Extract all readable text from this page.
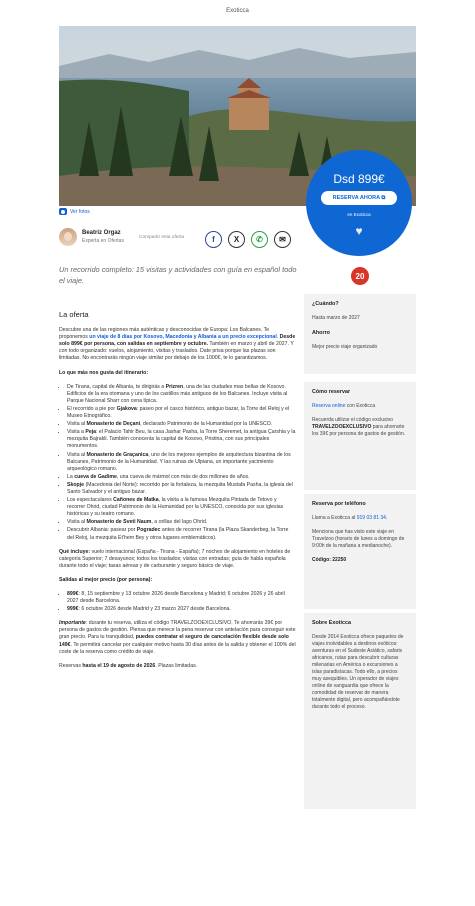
Exoticca
Ver fotos
Dsd 899€
RESERVA AHORA ⧉
en Exoticca
♥
Beatriz Orgaz
Experta en Ofertas
Compartir esta oferta	f	X	✆	✉
Un recorrido completo: 15 visitas y actividades con guía en español todo el viaje.	20
La oferta

Descubre una de las regiones más auténticas y desconocidas de Europa: Los Balcanes. Te proponemos un viaje de 8 días por Kosovo, Macedonia y Albania a un precio excepcional. Desde solo 899€ por persona, con salidas en septiembre y octubre. También en marzo y abril de 2027. Y con todo organizado: vuelos, alojamiento, visitas y traslados. Date prisa porque las plazas son limitadas. No encontrarás ningún viaje similar por debajo de los 1000€, te lo garantizamos.

Lo que más nos gusta del itinerario:
• De Tirana, capital de Albania, te dirigirás a Prizren, una de las ciudades mas bellas de Kosovo. Edificios de la era otomana y uno de los castillos más antiguos de los Balcanes. Incluye visita al Parque Nacional Sharr con cena típica.
• El recorrido a pie por Gjakova: paseo por el casco histórico, antiguo bazar, la Torre del Reloj y el Museo Etnográfico.
• Visita al Monasterio de Deçani, declarado Patrimonio de la Humanidad por la UNESCO.
• Visita a Peja: el Palacio Tahir Beu, la casa Jashar Pasha, la Torre Sheremet, la antigua Çarshia y la mezquita Bajrakli. También conocerás la capital de Kosovo, Pristina, con sus principales monumentos.
• Visita al Monasterio de Graçanica, uno de los mejores ejemplos de arquitectura bizantina de los Balcanes, Patrimonio de la Humanidad. Y las ruinas de Ulpiana, un importante yacimiento arqueológico romano.
• La cueva de Gadime, una cueva de mármol con más de dos millones de años.
• Skopje (Macedonia del Norte): recorrido por la fortaleza, la mezquita Mustafa Pasha, la iglesia del Santo Salvador y el antiguo bazar.
• Los espectaculares Cañones de Matka, la visita a la famosa Mezquita Pintada de Tetovo y recorrer Ohrid, ciudad Patrimonio de la Humanidad por la UNESCO, conocida por sus iglesias históricas y su teatro romano.
• Visita al Monasterio de Sveti Naum, a orillas del lago Ohrid.
• Descubrir Albania: pasear por Pogradec antes de recorrer Tirana (la Plaza Skanderbeg, la Torre del Reloj, la mezquita Et'hem Bey y otros lugares emblemáticos).

Qué incluye: vuelo internacional (España - Tirana - España); 7 noches de alojamiento en hoteles de categoría Superior; 7 desayunos; todos los traslados; visitas con entradas; guía de habla española durante todo el viaje; tasas aéreas y de carburante y seguro básico de viaje.

Salidas al mejor precio (por persona):
• 899€: 8, 15 septiembre y 13 octubre 2026 desde Barcelona y Madrid; 6 octubre 2026 y 26 abril 2027 desde Barcelona.
• 999€: 6 octubre 2026 desde Madrid y 23 marzo 2027 desde Barcelona.

Importante: durante tu reserva, utiliza el código TRAVELZOOEXCLUSIVO. Te ahorrarás 39€ por persona de gastos de gestión. Piensa que merece la pena reservar con antelación para conseguir este gran precio. Para tu tranquilidad, puedes contratar el seguro de cancelación flexible desde solo 149€. Te permitirá cancelar por cualquier motivo hasta 30 días antes de la salida y obtener el 100% del coste de la reserva como crédito de viaje.

Reservas hasta el 19 de agosto de 2026. Plazas limitadas.

¿Cuándo?
Hasta marzo de 2027
Ahorro
Mejor precio viaje organizado
Cómo reservar

Reserva online con Exoticca

Recuerda utilizar el código exclusivo TRAVELZOOEXCLUSIVO para ahorrarte los 39€ por persona de gastos de gestión.

Reserva por teléfono

Llama a Exoticca al 919 03 81 34.

Menciona que has visto este viaje en Travelzoo (horario de lunes a domingo de 9:00h de la mañana a medianoche).

Código: 22250
Sobre Exoticca

Desde 2014 Exoticca ofrece paquetes de viajes inolvidables a destinos exóticos: aventuras en el Sudeste Asiático, safaris africanos, rutas para descubrir culturas milenarias en América o excursiones a islas paradisíacas. Todo ello, a precios muy asequibles. Un operador de viajes online de vanguardia que ofrece la comodidad de reservar de manera totalmente digital, pero acompañándote durante todo el proceso.
